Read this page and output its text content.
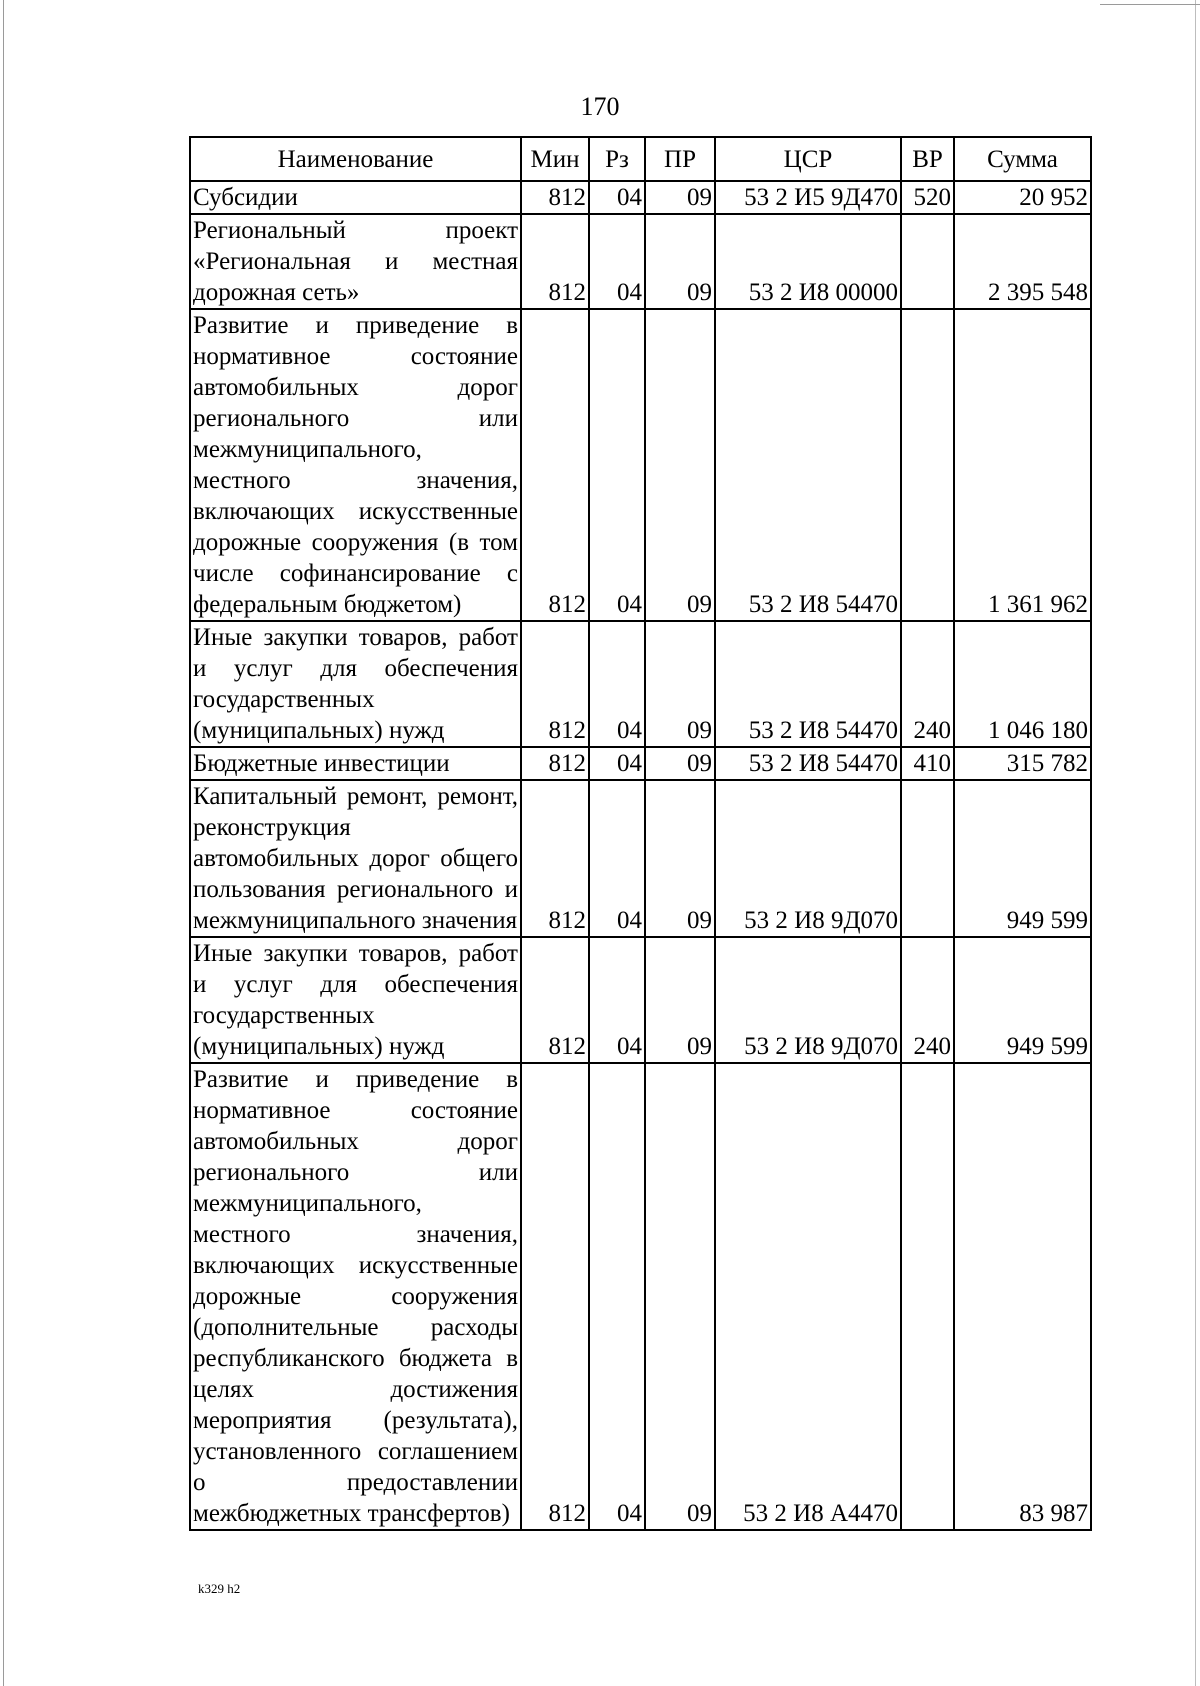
170
Наименование	Мин	Рз	ПР	ЦСР	ВР	Сумма
Субсидии	812	04	09	53 2 И5 9Д470	520	20 952
Региональный проект «Региональная и местная дорожная сеть»	812	04	09	53 2 И8 00000		2 395 548
Развитие и приведение в нормативное состояние автомобильных дорог регионального или межмуниципального, местного значения, включающих искусственные дорожные сооружения (в том числе софинансирование с федеральным бюджетом)	812	04	09	53 2 И8 54470		1 361 962
Иные закупки товаров, работ и услуг для обеспечения государственных (муниципальных) нужд	812	04	09	53 2 И8 54470	240	1 046 180
Бюджетные инвестиции	812	04	09	53 2 И8 54470	410	315 782
Капитальный ремонт, ремонт, реконструкция автомобильных дорог общего пользования регионального и межмуниципального значения	812	04	09	53 2 И8 9Д070		949 599
Иные закупки товаров, работ и услуг для обеспечения государственных (муниципальных) нужд	812	04	09	53 2 И8 9Д070	240	949 599
Развитие и приведение в нормативное состояние автомобильных дорог регионального или межмуниципального, местного значения, включающих искусственные дорожные сооружения (дополнительные расходы республиканского бюджета в целях достижения мероприятия (результата), установленного соглашением о предоставлении межбюджетных трансфертов)	812	04	09	53 2 И8 А4470		83 987
k329 h2
